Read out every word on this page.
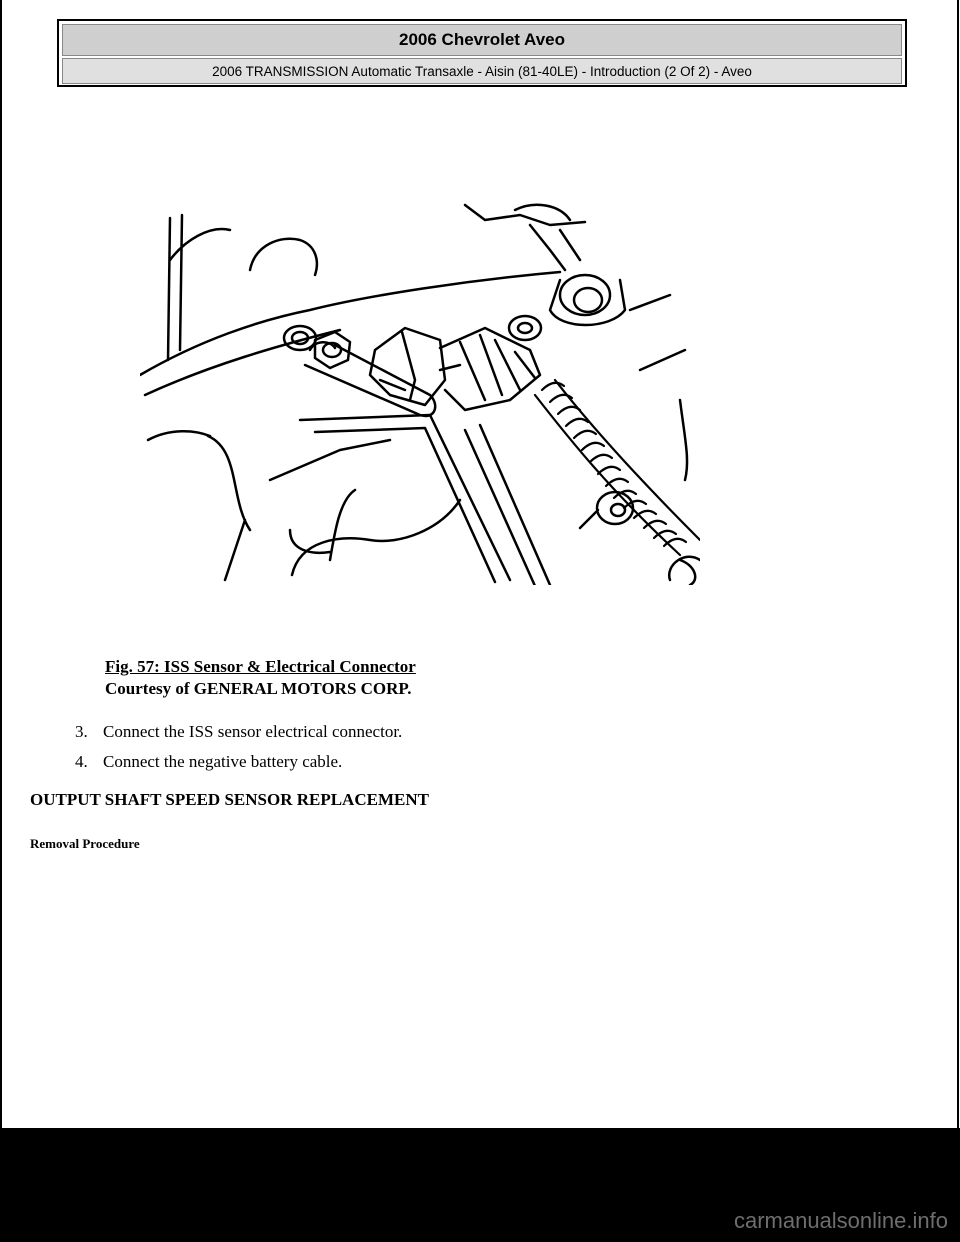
2006 Chevrolet Aveo
2006 TRANSMISSION Automatic Transaxle - Aisin (81-40LE) - Introduction (2 Of 2) - Aveo
Fig. 57: ISS Sensor & Electrical Connector
Courtesy of GENERAL MOTORS CORP.
3. Connect the ISS sensor electrical connector.
4. Connect the negative battery cable.
OUTPUT SHAFT SPEED SENSOR REPLACEMENT
Removal Procedure
carmanualsonline.info
